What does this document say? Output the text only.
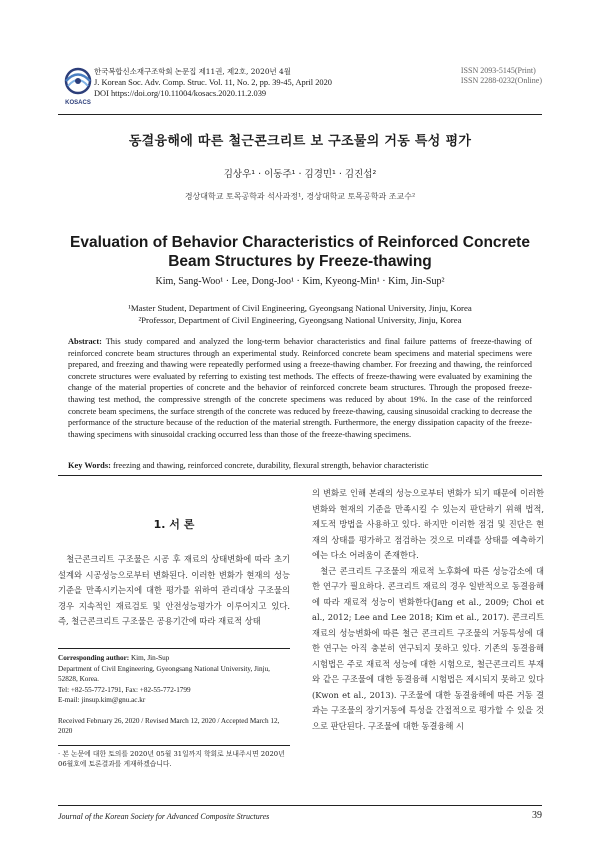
KOSACS
한국복합신소재구조학회 논문집 제11권, 제2호, 2020년 4월
J. Korean Soc. Adv. Comp. Struc. Vol. 11, No. 2, pp. 39-45, April 2020
DOI https://doi.org/10.11004/kosacs.2020.11.2.039
ISSN 2093-5145(Print)
ISSN 2288-0232(Online)
동결융해에 따른 철근콘크리트 보 구조물의 거동 특성 평가
김상우¹ · 이동주¹ · 김경민¹ · 김진섭²
경상대학교 토목공학과 석사과정¹, 경상대학교 토목공학과 조교수²
Evaluation of Behavior Characteristics of Reinforced Concrete
Beam Structures by Freeze-thawing
Kim, Sang-Woo¹ · Lee, Dong-Joo¹ · Kim, Kyeong-Min¹ · Kim, Jin-Sup²
¹Master Student, Department of Civil Engineering, Gyeongsang National University, Jinju, Korea
²Professor, Department of Civil Engineering, Gyeongsang National University, Jinju, Korea
Abstract: This study compared and analyzed the long-term behavior characteristics and final failure patterns of freeze-thawing of reinforced concrete beam structures through an experimental study. Reinforced concrete beam specimens and material specimens were prepared, and freezing and thawing were repeatedly performed using a freeze-thawing chamber. For freezing and thawing, the reinforced concrete structures were evaluated by referring to existing test methods. The effects of freeze-thawing were evaluated by examining the change of the material properties of concrete and the behavior of reinforced concrete beam structures. Through the proposed freeze-thawing test method, the compressive strength of the concrete specimens was reduced by about 19%. In the case of the reinforced concrete beam specimens, the surface strength of the concrete was reduced by freeze-thawing, causing sinusoidal cracking to decrease the performance of the structure because of the reduction of the material strength. Furthermore, the energy dissipation capacity of the freeze-thawing specimens with sinusoidal cracking occurred less than those of the freeze-thawing specimens.
Key Words: freezing and thawing, reinforced concrete, durability, flexural strength, behavior characteristic
1. 서 론

철근콘크리트 구조물은 시공 후 재료의 상태변화에 따라 초기설계와 시공성능으로부터 변화된다. 이러한 변화가 현재의 성능기준을 만족시키는지에 대한 평가를 위하여 관리대상 구조물의 경우 지속적인 재료검토 및 안전성능평가가 이루어지고 있다. 즉, 철근콘크리트 구조물은 공용기간에 따라 재료적 상태

Corresponding author: Kim, Jin-Sup
Department of Civil Engineering, Gyeongsang National University, Jinju, 52828, Korea.
Tel: +82-55-772-1791, Fax: +82-55-772-1799
E-mail: jinsup.kim@gnu.ac.kr
Received February 26, 2020 / Revised March 12, 2020 / Accepted March 12, 2020
· 본 논문에 대한 토의를 2020년 05월 31일까지 학회로 보내주시면 2020년 06월호에 토론결과를 게재하겠습니다.
의 변화로 인해 본래의 성능으로부터 변화가 되기 때문에 이러한 변화와 현재의 기준을 만족시킬 수 있는지 판단하기 위해 법적, 제도적 방법을 사용하고 있다. 하지만 이러한 점검 및 진단은 현재의 상태를 평가하고 점검하는 것으로 미래를 상태를 예측하기에는 다소 어려움이 존재한다.

철근 콘크리트 구조물의 재료적 노후화에 따른 성능감소에 대한 연구가 필요하다. 콘크리트 재료의 경우 일반적으로 동결융해에 따라 재료적 성능이 변화한다(Jang et al., 2009; Choi et al., 2012; Lee and Lee 2018; Kim et al., 2017). 콘크리트 재료의 성능변화에 따른 철근 콘크리트 구조물의 거동특성에 대한 연구는 아직 충분히 연구되지 못하고 있다. 기존의 동결융해시험법은 주로 재료적 성능에 대한 시험으로, 철근콘크리트 부재와 같은 구조물에 대한 동결융해 시험법은 제시되지 못하고 있다(Kwon et al., 2013). 구조물에 대한 동결융해에 따른 거동 결과는 구조물의 장기거동에 특성을 간접적으로 평가할 수 있을 것으로 판단된다. 구조물에 대한 동결융해 시

Journal of the Korean Society for Advanced Composite Structures	39
